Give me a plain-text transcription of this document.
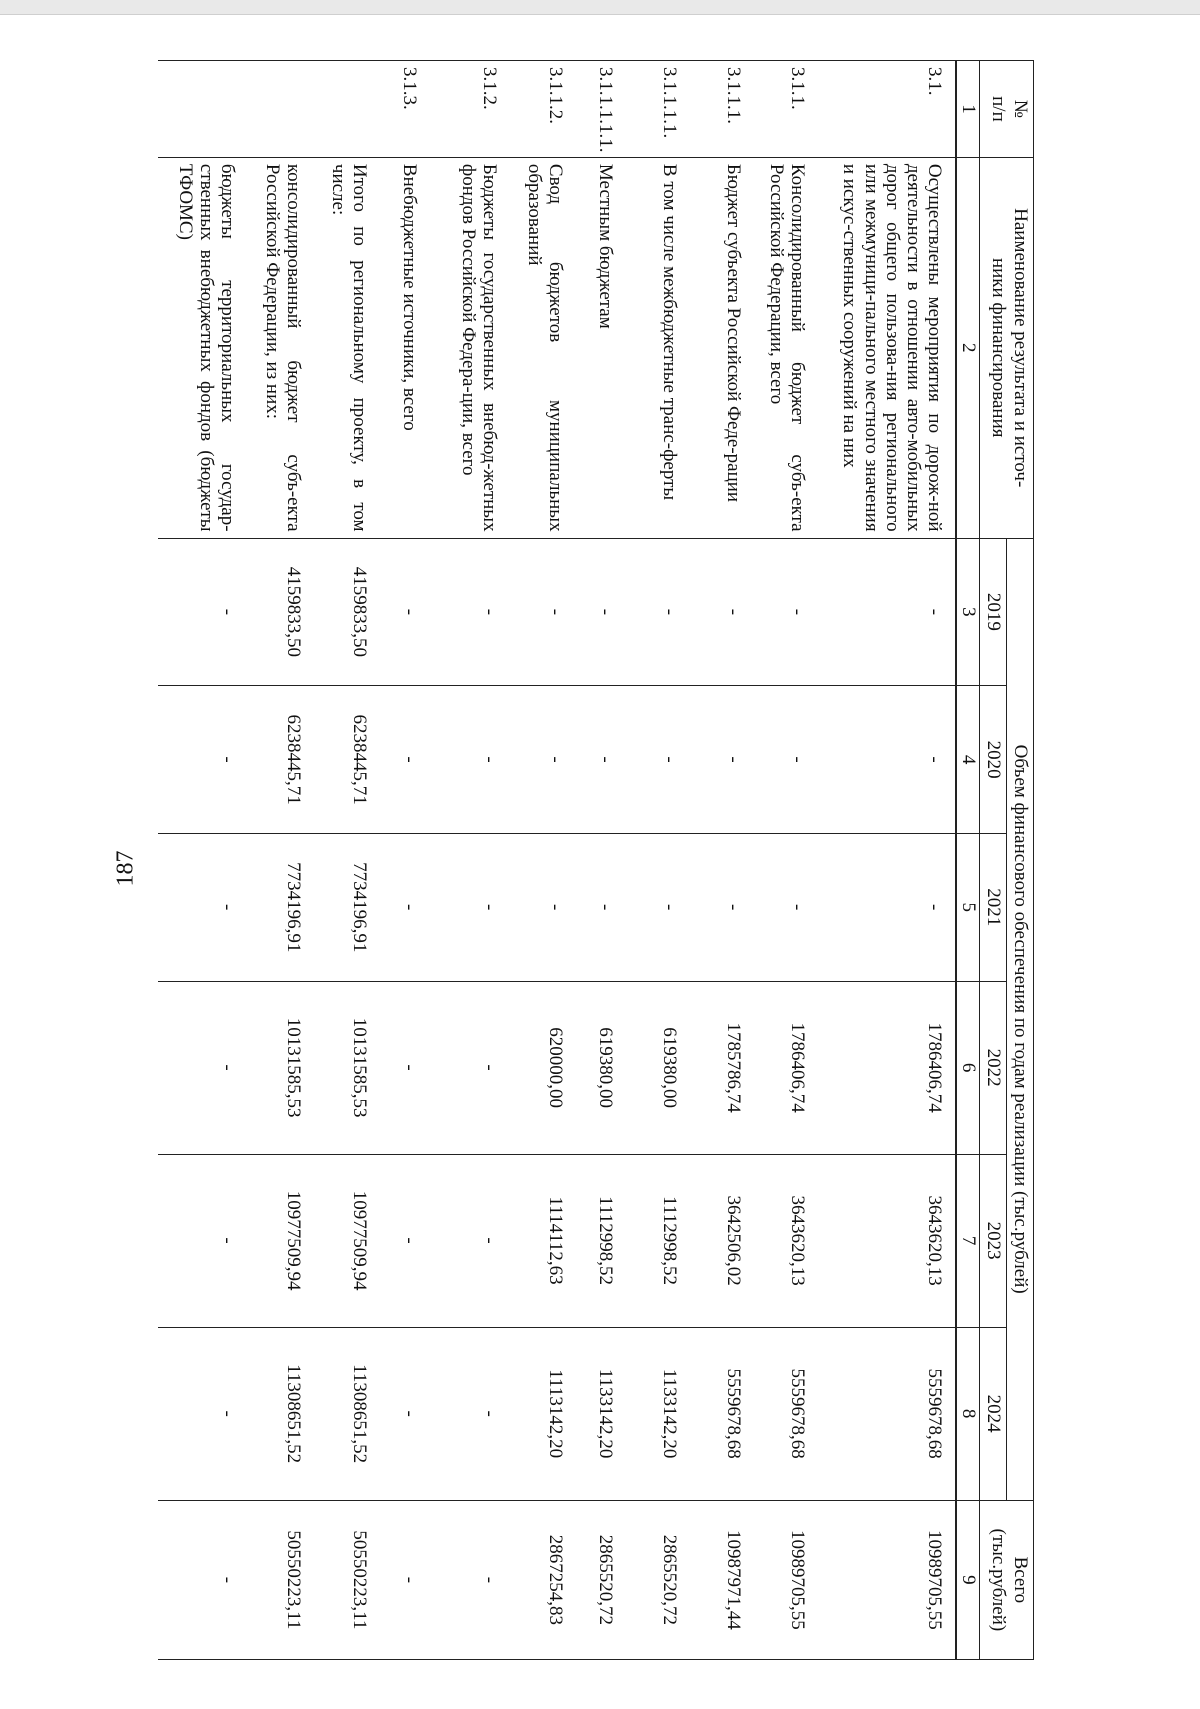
187
№
п/п	Наименование результата и источ-
ники финансирования	Объем финансового обеспечения по годам реализации (тыс.рублей)						Всего
(тыс.рублей)
		2019	2020	2021	2022	2023	2024	
1	2	3	4	5	6	7	8	9
3.1.	Осуществлены мероприятия по дорож-ной деятельности в отношении авто-мобильных дорог общего пользова-ния регионального или межмуници-пального местного значения и искус-ственных сооружений на них	-	-	-	1786406,74	3643620,13	5559678,68	10989705,55
3.1.1.	Консолидированный бюджет субъ-екта Российской Федерации, всего	-	-	-	1786406,74	3643620,13	5559678,68	10989705,55
3.1.1.1.	Бюджет субъекта Российской Феде-рации	-	-	-	1785786,74	3642506,02	5559678,68	10987971,44
3.1.1.1.1.	В том числе межбюджетные транс-ферты	-	-	-	619380,00	1112998,52	1133142,20	2865520,72
3.1.1.1.1.1.	Местным бюджетам	-	-	-	619380,00	1112998,52	1133142,20	2865520,72
3.1.1.2.	Свод бюджетов муниципальных образований	-	-	-	620000,00	1114112,63	1113142,20	2867254,83
3.1.2.	Бюджеты государственных внебюд-жетных фондов Российской Федера-ции, всего	-	-	-	-	-	-	-
3.1.3.	Внебюджетные источники, всего	-	-	-	-	-	-	-
	Итого по региональному проекту, в том числе:	4159833,50	6238445,71	7734196,91	10131585,53	10977509,94	11308651,52	50550223,11
	консолидированный бюджет субъ-екта Российской Федерации, из них:	4159833,50	6238445,71	7734196,91	10131585,53	10977509,94	11308651,52	50550223,11
	бюджеты территориальных государ-ственных внебюджетных фондов (бюджеты ТФОМС)	-	-	-	-	-	-	-
